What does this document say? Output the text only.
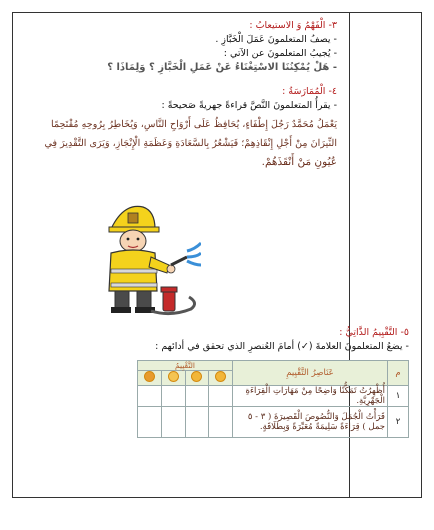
٣- الْفَهْمُ وَ الاستيعابُ :
- يصفُ المتعلمونَ عَمَلَ الْخَبَّازِ .
- يُجيبُ المتعلمونَ عن الآتي :
- هَلْ يُمْكِنُنَا الاسْتِغْنَاءُ عَنْ عَمَلِ الْخَبَّازِ ؟ وَلِمَاذَا ؟
٤- الْمُمَارَسَةُ :
- يقرأُ المتعلمونَ النَّصَّ قراءةً جهريةً صَحيحةً :
يَعْمَلُ مُحَمَّدٌ رَجُلَ إِطْفَاءٍ، يُحَافِظُ عَلَى أَرْوَاحِ النَّاسِ، وَيُخَاطِرُ بِرُوحِهِ مُقْتَحِمًا
النِّيرَانَ مِنْ أَجْلِ إِنْقَاذِهِمْ؛ فَيَشْعُرُ بِالسَّعَادَةِ وَعَظَمَةِ الْإِنْجَازِ، وَيَرَى التَّقْدِيرَ فِي
عُيُونِ مَنْ أَنْقَذَهُمْ.
٥- التَّقْيِيمُ الذَّاتِيُّ :
- يضعُ المتعلمونَ العلامةَ (✓) أمامَ العُنصرِ الذي تحقق في أدائهم :
م	عَنَاصِرُ التَّقْيِيمِ	التَّقْيِيمُ			

١	أُظْهِرُتُ تَمَكُّنًا وَاضِحًا مِنْ مَهَارَاتِ الْقِرَاءَةِ الْجَهْرِيَّةِ.				
٢	قَرَأْتُ الْجُمَلَ وَالنُّصُوصَ الْقَصِيرَةَ ( ٣ - ٥ جمل ) قِرَاءَةً سَلِيمَةً مُعَبِّرَةً وَبِطَلَاقَةٍ.				
